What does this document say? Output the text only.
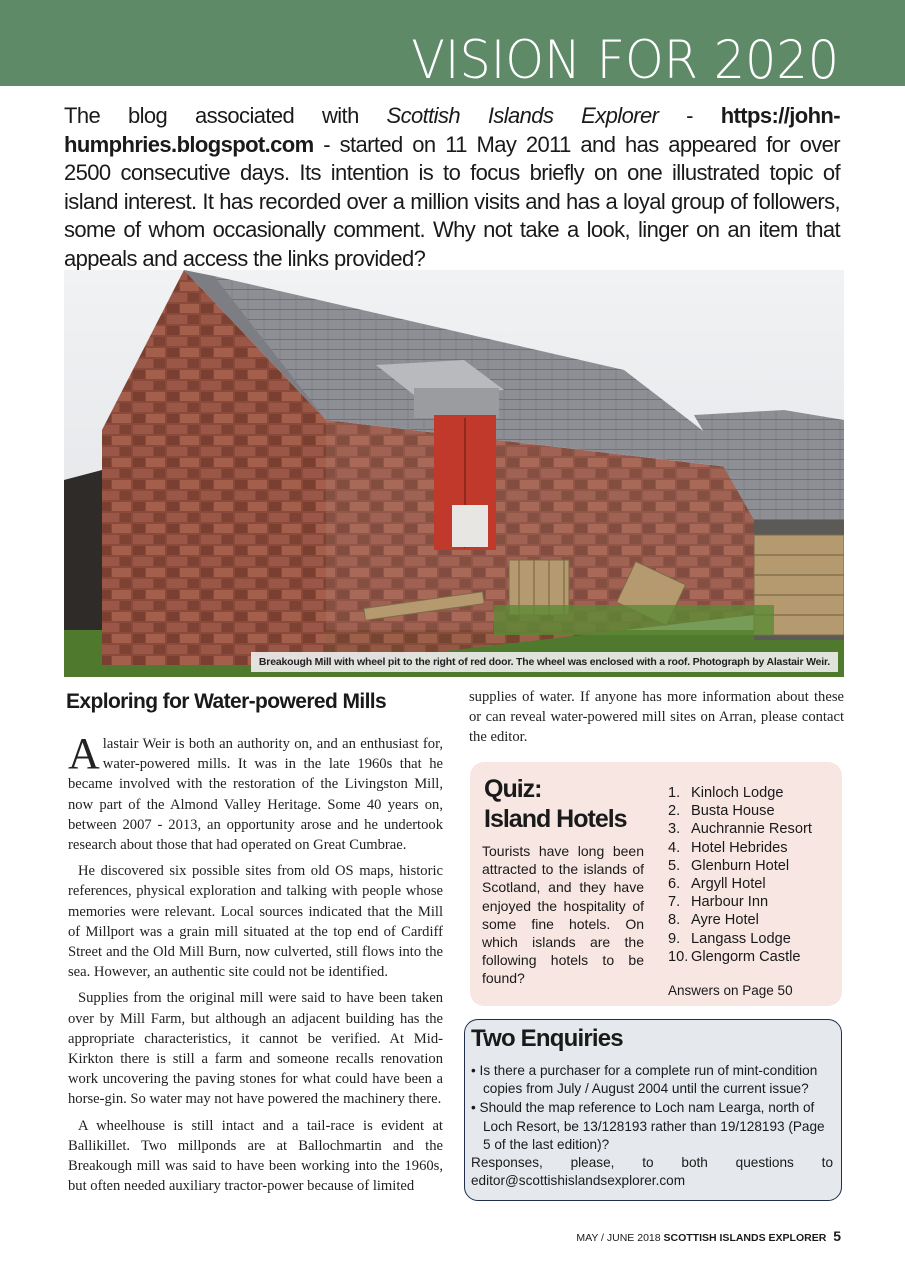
VISION FOR 2020
The blog associated with Scottish Islands Explorer - https://john-humphries.blogspot.com - started on 11 May 2011 and has appeared for over 2500 consecutive days. Its intention is to focus briefly on one illustrated topic of island interest. It has recorded over a million visits and has a loyal group of followers, some of whom occasionally comment. Why not take a look, linger on an item that appeals and access the links provided?
Breakough Mill with wheel pit to the right of red door. The wheel was enclosed with a roof. Photograph by Alastair Weir.
Exploring for Water-powered Mills

Alastair Weir is both an authority on, and an enthusiast for, water-powered mills. It was in the late 1960s that he became involved with the restoration of the Livingston Mill, now part of the Almond Valley Heritage. Some 40 years on, between 2007 - 2013, an opportunity arose and he undertook research about those that had operated on Great Cumbrae.

He discovered six possible sites from old OS maps, historic references, physical exploration and talking with people whose memories were relevant. Local sources indicated that the Mill of Millport was a grain mill situated at the top end of Cardiff Street and the Old Mill Burn, now culverted, still flows into the sea. However, an authentic site could not be identified.

Supplies from the original mill were said to have been taken over by Mill Farm, but although an adjacent building has the appropriate characteristics, it cannot be verified. At Mid-Kirkton there is still a farm and someone recalls renovation work uncovering the paving stones for what could have been a horse-gin. So water may not have powered the machinery there.

A wheelhouse is still intact and a tail-race is evident at Ballikillet. Two millponds are at Ballochmartin and the Breakough mill was said to have been working into the 1960s, but often needed auxiliary tractor-power because of limited

supplies of water. If anyone has more information about these or can reveal water-powered mill sites on Arran, please contact the editor.
Quiz:
Island Hotels
Tourists have long been attracted to the islands of Scotland, and they have enjoyed the hospitality of some fine hotels. On which islands are the following hotels to be found?
1. Kinloch Lodge
2. Busta House
3. Auchrannie Resort
4. Hotel Hebrides
5. Glenburn Hotel
6. Argyll Hotel
7. Harbour Inn
8. Ayre Hotel
9. Langass Lodge
10. Glengorm Castle
Answers on Page 50
Two Enquiries
• Is there a purchaser for a complete run of mint-condition copies from July / August 2004 until the current issue?
• Should the map reference to Loch nam Learga, north of Loch Resort, be 13/128193 rather than 19/128193 (Page 5 of the last edition)?
Responses, please, to both questions to
editor@scottishislandsexplorer.com
MAY / JUNE 2018 SCOTTISH ISLANDS EXPLORER 5
